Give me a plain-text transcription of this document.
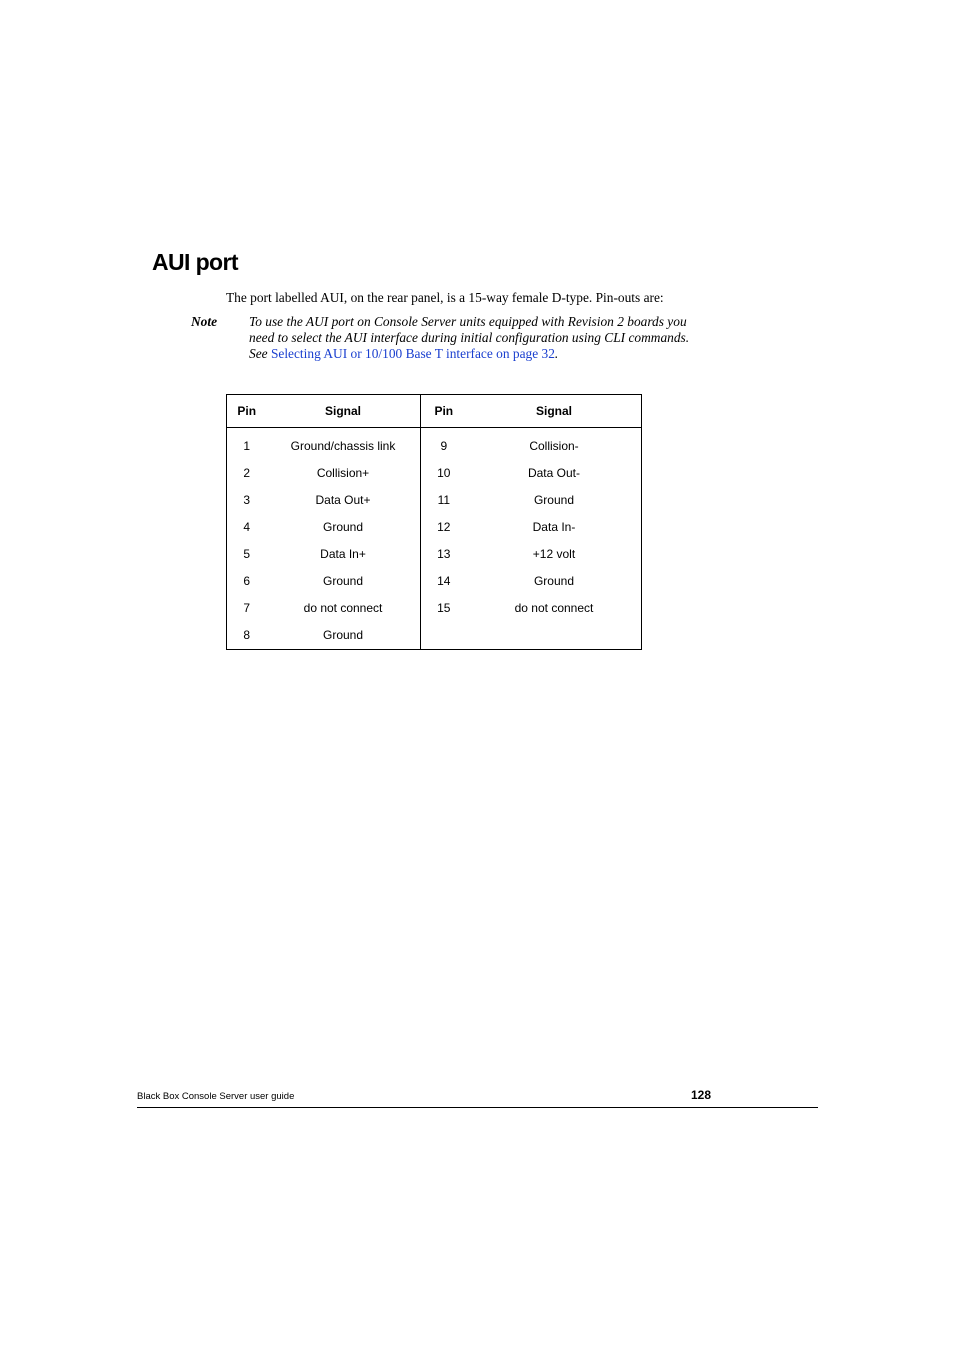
AUI port

The port labelled AUI, on the rear panel, is a 15-way female D-type. Pin-outs are:

Note To use the AUI port on Console Server units equipped with Revision 2 boards you
need to select the AUI interface during initial configuration using CLI commands.
See Selecting AUI or 10/100 Base T interface on page 32.
Pin	Signal	Pin	Signal
1	Ground/chassis link	9	Collision-
2	Collision+	10	Data Out-
3	Data Out+	11	Ground
4	Ground	12	Data In-
5	Data In+	13	+12 volt
6	Ground	14	Ground
7	do not connect	15	do not connect
8	Ground		
Black Box Console Server user guide	128
